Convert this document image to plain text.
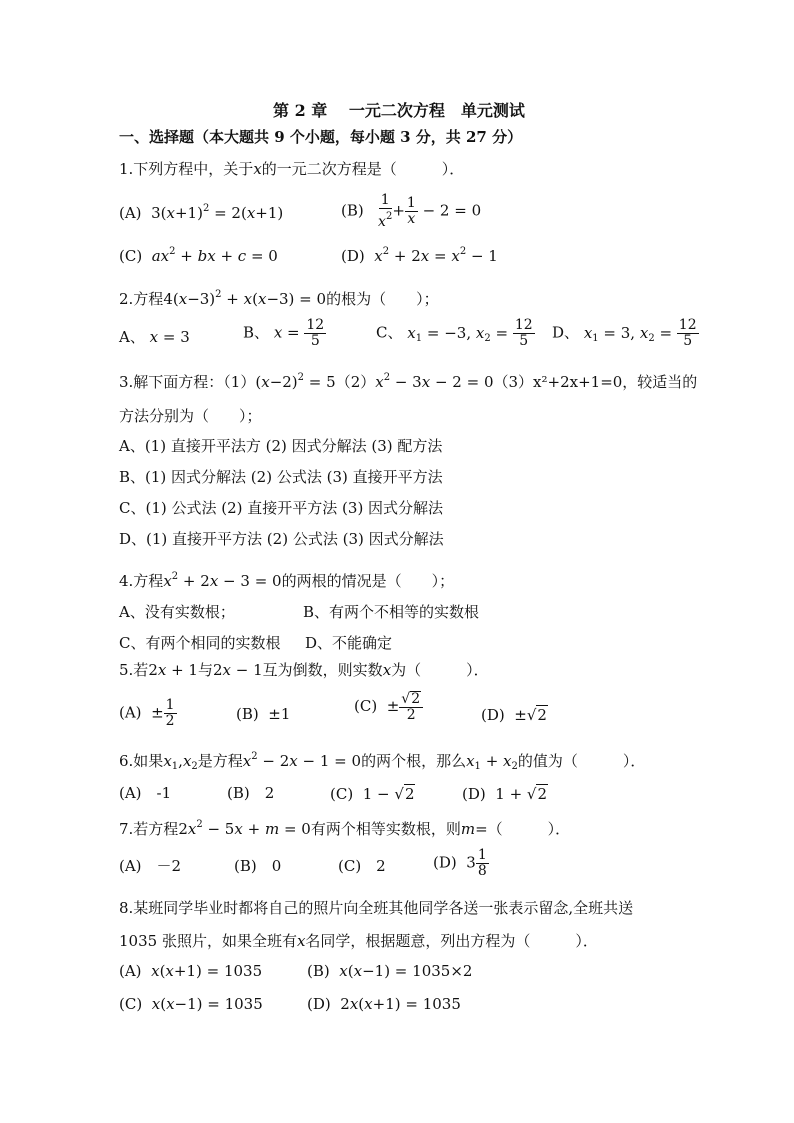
第 2 章　 一元二次方程　单元测试
一、选择题（本大题共 9 个小题，每小题 3 分，共 27 分）
1.下列方程中，关于x的一元二次方程是（　　　）．
(A) $3(x+1)^2 = 2(x+1)$	$(B) \frac{1}{x^2} + \frac{1}{x} - 2 = 0$
(C) $ax^2$ + bx + c = 0	(D) $x^2 + 2x = x^2 - 1$
2.方程$4(x-3)^2 + x(x-3) = 0$的根为（　　）；
A、 x = 3	B、 $x = \frac{12}{5}$	C、 $x_1 = -3$, $x_2 = \frac{12}{5}$ D、 $x_1 = 3$, $x_2 = \frac{12}{5}$
3.解下面方程：$(1)(x-2)^2 = 5(2)x^2 - 3x - 2 = 0(3)x^2+2x+1=0$，较适当的
方法分别为（　　）；
A、(1) 直接开平法方 (2) 因式分解法 (3) 配方法
B、(1) 因式分解法 (2) 公式法 (3) 直接开平方法
C、(1) 公式法 (2) 直接开平方法 (3) 因式分解法
D、(1) 直接开平方法 (2) 公式法 (3) 因式分解法
4.方程$x^2 + 2x - 3 = 0$的两根的情况是（　　）；
A、没有实数根；	B、有两个不相等的实数根
C、有两个相同的实数根 D、不能确定
5.若2x + 1与2x − 1互为倒数，则实数x为（　　　）．
$(A) \pm \frac{1}{2}$	(B) ±1	$(C) \pm \frac{√2}{2}$	(D)  ±√2
6.如果$x_1,x_2$是方程$x^2 - 2x - 1 = 0$的两个根，那么$x_1 + x_2$的值为（　　　）．
(A)　-1	(B)　2	(C)  1 − √2	(D)  1 + √2
7.若方程$2x^2 - 5x + m = 0$有两个相等实数根，则m=（　　　）．
(A)　－2	(B)　0	(C)　2	(D)  $3 \frac{1}{8}$
8.某班同学毕业时都将自己的照片向全班其他同学各送一张表示留念,全班共送
1035 张照片，如果全班有x名同学，根据题意，列出方程为（　　　）．
(A) x(x+1) = 1035	(B) x(x−1) = 1035×2
(C) x(x−1) = 1035	(D) 2x(x+1) = 1035
